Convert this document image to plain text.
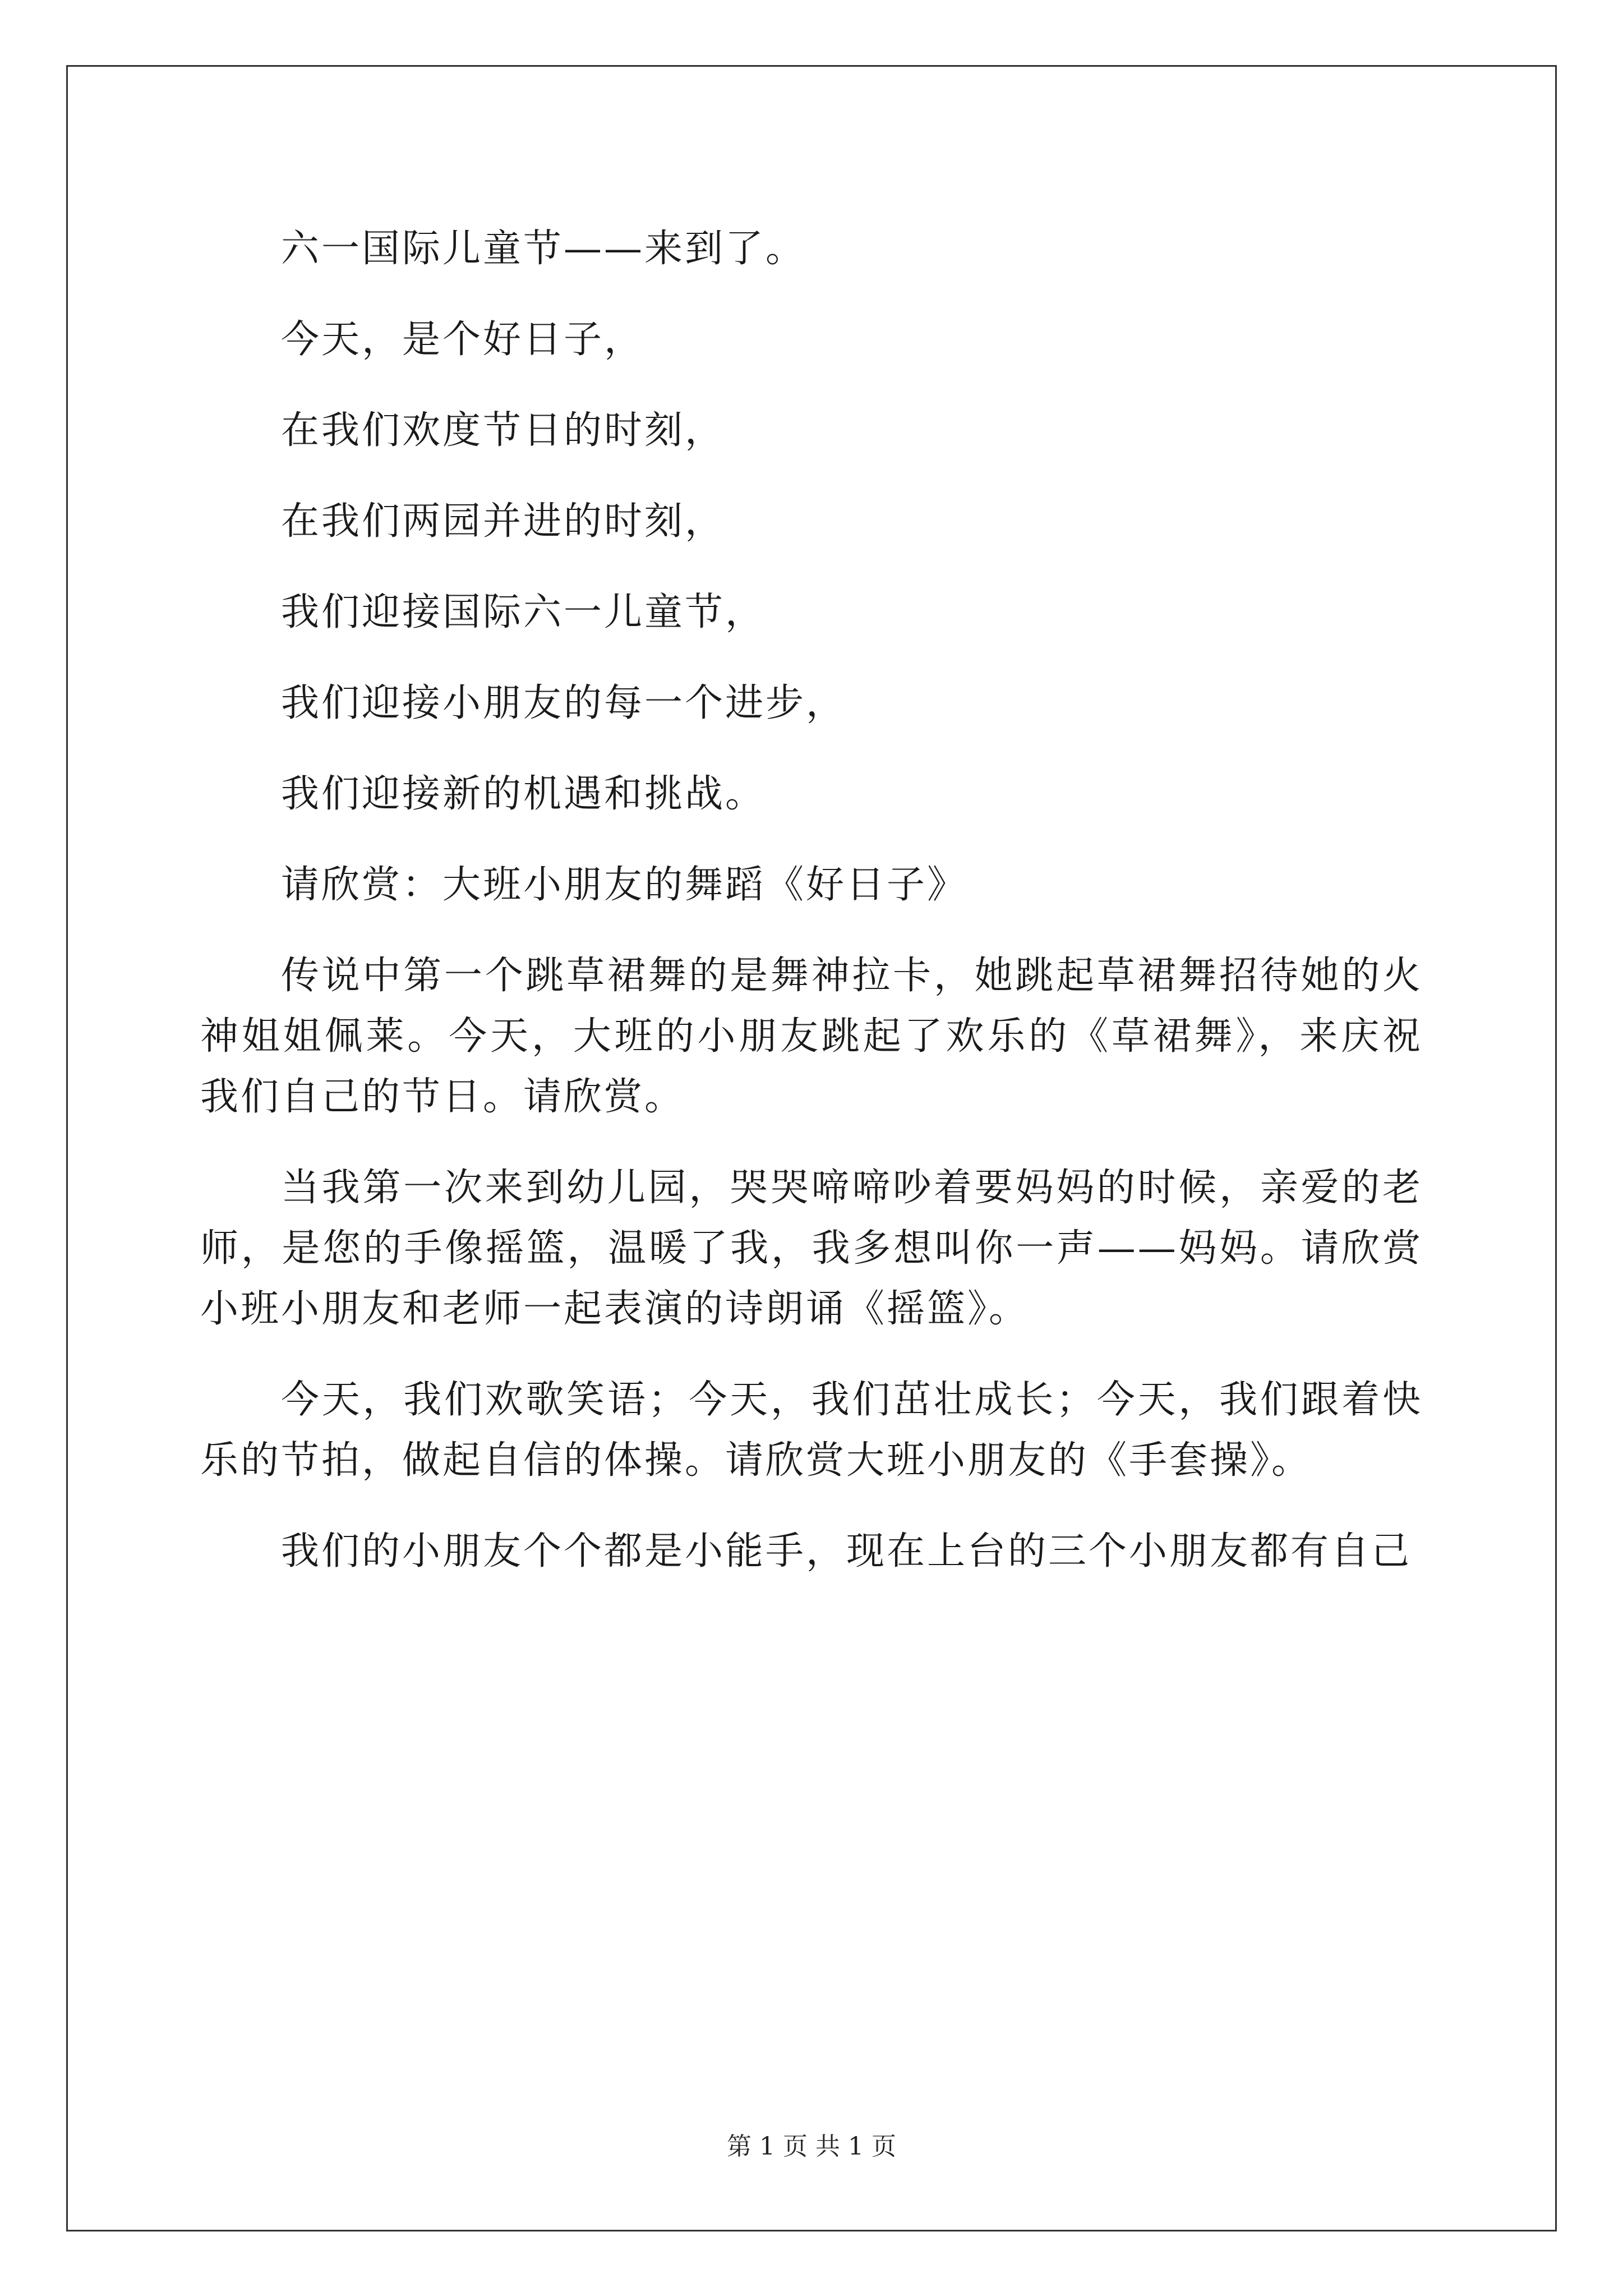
六一国际儿童节——来到了。

今天，是个好日子，

在我们欢度节日的时刻，

在我们两园并进的时刻，

我们迎接国际六一儿童节，

我们迎接小朋友的每一个进步，

我们迎接新的机遇和挑战。

请欣赏：大班小朋友的舞蹈《好日子》

传说中第一个跳草裙舞的是舞神拉卡，她跳起草裙舞招待她的火神姐姐佩莱。今天，大班的小朋友跳起了欢乐的《草裙舞》，来庆祝我们自己的节日。请欣赏。

当我第一次来到幼儿园，哭哭啼啼吵着要妈妈的时候，亲爱的老师，是您的手像摇篮，温暖了我，我多想叫你一声——妈妈。请欣赏小班小朋友和老师一起表演的诗朗诵《摇篮》。

今天，我们欢歌笑语；今天，我们茁壮成长；今天，我们跟着快乐的节拍，做起自信的体操。请欣赏大班小朋友的《手套操》。

我们的小朋友个个都是小能手，现在上台的三个小朋友都有自己

第 1 页 共 1 页
